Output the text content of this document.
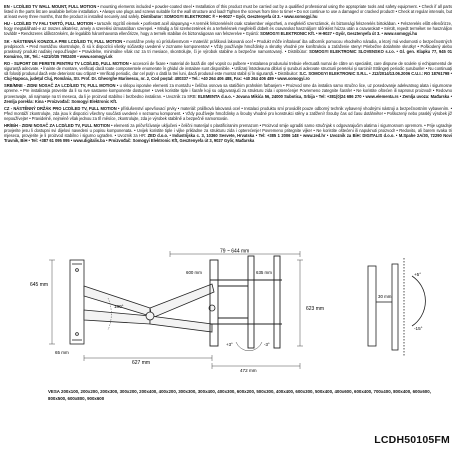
EN - LCD/LED TV WALL MOUNT, FULL MOTION • mounting elements included • powder-coated steel • Installation of this product must be carried out by a qualified professional using the appropriate tools and safety equipment. • Check if all parts listed in the parts list are available before installation. • Always use plugs and screws suitable for the wall structure and load! Tighten the screws from time to time! • Do not continue to use a damaged or cracked product! • Check at regular intervals, but at least every three months, that the product is installed securely and safely. Distributor: SOMOGYI ELEKTRONIC ® • H-9027 • Győr, Gesztenyefa út 3. • www.somogyi.hu

HU - LCD/LED TV FALI TARTÓ, FULL MOTION • tartozék rögzítő elemek • porfestett acél alapanyag • A termék felszerelését csak szakember végezheti, a megfelelő szerszámok, és biztonsági felszerelés birtokában. • Felszerelés előtt ellenőrizze, hogy megtalálható-e az összes alkatrész, amely a szerelési útmutatóban szerepel. • Mindig a fal szerkezetének és a terhelésnek megfelelő dübelt és csavarokat használjon! Időnként húzza után a csavarokat! • Sérült, repedt terméket ne használjon tovább! • Rendszeres időközönként, de legalább háromhavonta ellenőrizze, hogy a termék stabilan és biztonságosan van felszerelve • Gyártó: SOMOGYI ELEKTRONIC Kft. • H-9027 • Győr, Gesztenyefa út 3. • www.somogyi.hu

SK - NÁSTENNÁ KONZOLA PRE LCD/LED TV, FULL MOTION • montážne prvky sú príslušenstvom • materiál: prášková lakovaná oceľ • Produkt môže inštalovať iba odborník pomocou vhodného náradia, a ktorý má vedomosti o bezpečnostných predpisoch. • Pred montážou skontrolujte, či sú k dispozícii všetky súčiastky uvedené v zozname komponentov! • Vždy používajte hmoždinky a skrutky vhodné pre konštrukciu a zaťaženie steny! Priebežne dotiahnite skrutky! • Poškodený alebo prasknutý produkt naďalej nepoužívajte! • Pravidelne, minimálne však raz za tri mesiace, skontrolujte, či je výrobok stabilne a bezpečne namontovaný. • Distribútor: SOMOGYI ELEKTRONIC SLOVENSKO s.r.o. • Gl. gen. Klapku 77, 945 01 Komárno, SK, Tel.: +421/0/35 7902400 • www.somogyi.sk

RO - SUPORT DE PERETE PENTRU TV LCD/LED, FULL MOTION • accesorii de fixare • material de bază din oțel vopsit cu pulbere • Instalarea produsului trebuie efectuată numai de către un specialist, care dispune de sculele și echipamentul de siguranță adecvate. • Înainte de montare, verificați dacă toate componentele enumerate în ghidul de instalare sunt disponibile. • Utilizați întotdeauna dibluri și șuruburi adecvate structurii peretelui și sarcinii! Strângeți periodic șuruburile! • Nu continuați să folosiți produsul dacă este deteriorat sau crăpat! • Verificați periodic, dar cel puțin o dată la trei luni, dacă produsul este montat stabil și în siguranță. • Distribuitor: S.C. SOMOGYI ELEKTRONIC S.R.L. • J12/2014/13.06.2006 C.U.I.: RO 18761798 • Cluj-Napoca, județul Cluj, România, Str. Prof. Dr. Gheorghe Marinescu, nr. 2, Cod poștal: 400337 • Tel.: +40 264 406 488, Fax: +40 264 406 489 • www.somogyi.ro

SRB/MNE - ZIDNI NOSAČ ZA LCD/LED TV, FULL MOTION • u sklopu isporuke elementi za montažu • čelična osnova sa statičkim prahskim farbanjem • Proizvod sme da instalira samo stručno lice, uz posedovanje adekvatnog alata i sigurnosne opreme. • Pre instaliranja proverite da li su sve sastavne komponente dostupne! • Uvek koristite tiple i šarafe koji su odgovarajući za strukturu zida i opterećenje! Povremeno zategnite šarafe! • Ne koristite oštećen ili naprsnut proizvod! • Redovno proveravajte, ali najmanje na tri meseca, da li je proizvod stabilno i bezbedno instaliran. • Uvoznik za SRB: ELEMENTA d.o.o. • Jovana Mikića 56, 24000 Subotica, Srbija • Tel: +381(0)24 686 270 • www.elementa.rs • Zemlja uvoza: Mađarska • Zemlja porekla: Kina • Proizvođač: Somogyi Elektronic Kft.

CZ - NÁSTĚNNÝ DRŽÁK PRO LCD/LED TV, FULL MOTION • příslušenství upevňovací prvky • materiál: prášková lakovaná ocel • Instalaci produktu smí provádět pouze odborný technik vybavený vhodnými nástroji a bezpečnostním vybavením. • Před montáží zkontrolujte, zda jsou k dispozici všechny součásti uvedené v seznamu komponent. • Vždy používejte hmoždinky a šrouby vhodné pro konstrukci stěny a zatížení! Šrouby čas od času dotáhněte! • Poškozený nebo prasklý výrobek již nepoužívejte! • Pravidelně, nejméně však jednou za tři měsíce, zkontrolujte, zda je výrobek stabilně a bezpečně namontován.

HR/BiH - ZIDNI NOSAČ ZA LCD/LED TV, FULL MOTION • elementi za pričvršćivanje uključeni • čelični materijal s plastificiranim premazom • Proizvod smije ugraditi samo stručnjak s odgovarajućim alatima i sigurnosnom opremom. • Prije ugradnje provjerite jesu li dostupni svi dijelovi navedeni u popisu komponenata. • Uvijek koristite tiple i vijke prikladne za strukturu zida i opterećenje! Povremeno pritegnite vijke! • Ne koristite oštećeni ili napuknuti proizvod! • Redovito, ali barem svaka tri mjeseca, provjerite je li proizvod stabilno i sigurno ugrađen. • Uvoznik za HR: ZED d.o.o. • Industrijska c. 3, 10360 Sesvete, Hrvatska • Tel: +385 1 2006 148 • www.zed.hr • Uvoznik za BiH: DIGITALIS d.o.o. • M.Spahe 2A/30, 72290 Novi Travnik, BiH • Tel: +387 61 095 095 • www.digitalis.ba • Proizvođač: Somogyi Elektronic Kft, Gesztenyefa út 3, 9027 Győr, Mađarska

79 ~ 644 mm
645 mm
65 mm
623 mm
627 mm
180°
+5°
-15°
+3°	-3°
30 mm
472 mm
600 mm	635 mm
VESA 200x100, 200x200, 200x300, 300x200, 200x400, 400x200, 300x300, 300x400, 400x300, 600x200, 500x300, 400x400, 600x300, 500x400, 400x600, 600x400, 700x400, 800x400, 600x600, 800x500, 600x800, 900x600
LCDH50105FM
